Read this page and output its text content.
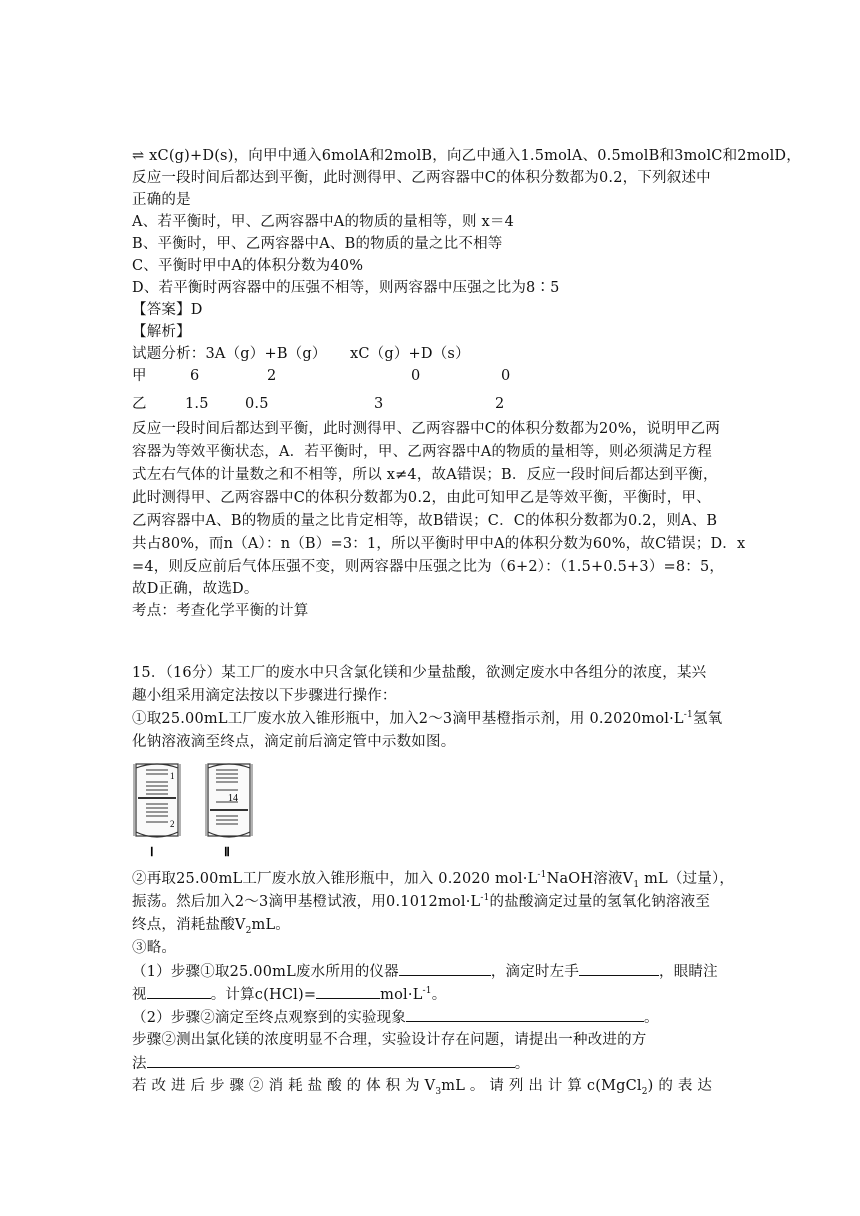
⇌ xC(g)+D(s)，向甲中通入6molA和2molB，向乙中通入1.5molA、0.5molB和3molC和2molD，
反应一段时间后都达到平衡，此时测得甲、乙两容器中C的体积分数都为0.2，下列叙述中
正确的是
A、若平衡时，甲、乙两容器中A的物质的量相等，则 x＝4
B、平衡时，甲、乙两容器中A、B的物质的量之比不相等
C、平衡时甲中A的体积分数为40%
D、若平衡时两容器中的压强不相等，则两容器中压强之比为8∶5
【答案】D
【解析】
试题分析：3A（g）+B（g） xC（g）+D（s）
甲	6	2	0	0
乙	1.5	0.5	3	2
反应一段时间后都达到平衡，此时测得甲、乙两容器中C的体积分数都为20%，说明甲乙两
容器为等效平衡状态，A．若平衡时，甲、乙两容器中A的物质的量相等，则必须满足方程
式左右气体的计量数之和不相等，所以 x≠4，故A错误；B．反应一段时间后都达到平衡，
此时测得甲、乙两容器中C的体积分数都为0.2，由此可知甲乙是等效平衡，平衡时，甲、
乙两容器中A、B的物质的量之比肯定相等，故B错误；C．C的体积分数都为0.2，则A、B
共占80%，而n（A）：n（B）=3：1，所以平衡时甲中A的体积分数为60%，故C错误；D．x
=4，则反应前后气体压强不变，则两容器中压强之比为（6+2）：（1.5+0.5+3）=8：5，
故D正确，故选D。
考点：考查化学平衡的计算
15．（16分）某工厂的废水中只含氯化镁和少量盐酸，欲测定废水中各组分的浓度，某兴
趣小组采用滴定法按以下步骤进行操作：
①取25.00mL工厂废水放入锥形瓶中，加入2～3滴甲基橙指示剂，用 $0.2020mol\cdot L^{-1}$氢氧
化钠溶液滴至终点，滴定前后滴定管中示数如图。
1
2
14
Ⅰ	Ⅱ
②再取25.00mL工厂废水放入锥形瓶中，加入 0.2020 $mol\cdot L^{-1}NaOH$溶液$V_1$ mL（过量），
振荡。然后加入2～3滴甲基橙试液，用$0.1012mol\cdot L^{-1}$的盐酸滴定过量的氢氧化钠溶液至
终点，消耗盐酸$V_2mL$。
③略。
（1）步骤①取25.00mL废水所用的仪器	，滴定时左手	，眼睛注
视	。计算c(HCl)=	$mol\cdot L^{-1}$。
（2）步骤②滴定至终点观察到的实验现象	。
步骤②测出氯化镁的浓度明显不合理，实验设计存在问题，请提出一种改进的方
法	。
若 改 进 后 步 骤 ② 消 耗 盐 酸 的 体 积 为 $V_3mL$ 。 请 列 出 计 算 c(MgCl$_2$) 的 表 达
